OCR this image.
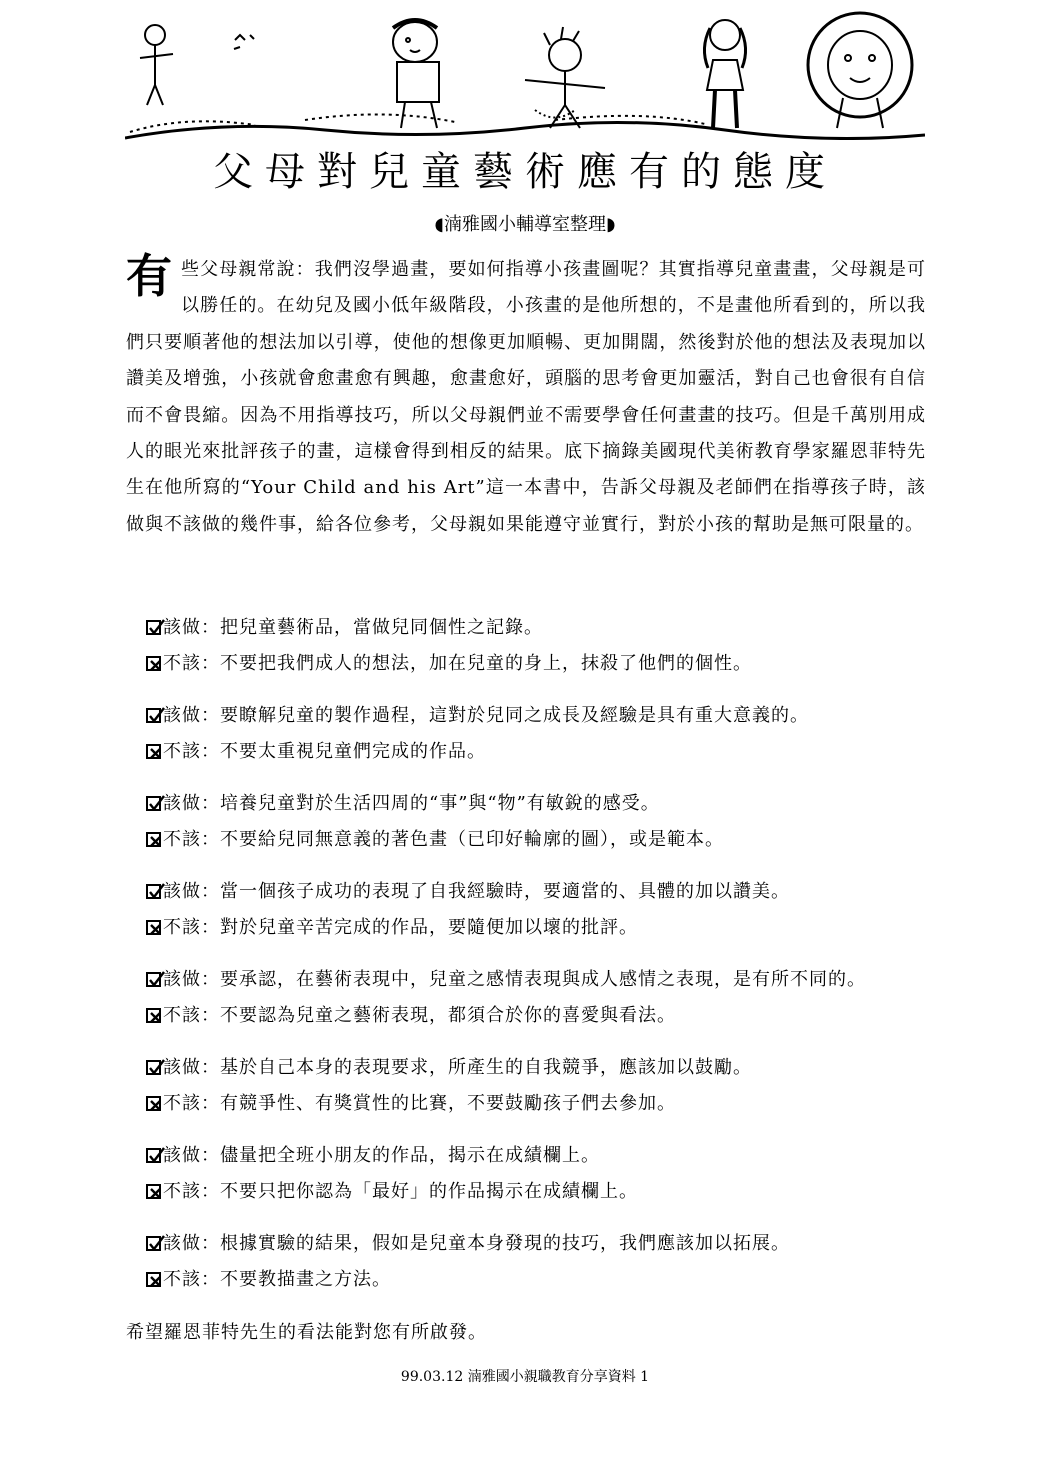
父母對兒童藝術應有的態度
◖湳雅國小輔導室整理◗
有 些父母親常說：我們沒學過畫，要如何指導小孩畫圖呢？其實指導兒童畫畫，父母親是可以勝任的。在幼兒及國小低年級階段，小孩畫的是他所想的，不是畫他所看到的，所以我們只要順著他的想法加以引導，使他的想像更加順暢、更加開闊，然後對於他的想法及表現加以讚美及增強，小孩就會愈畫愈有興趣，愈畫愈好，頭腦的思考會更加靈活，對自己也會很有自信而不會畏縮。因為不用指導技巧，所以父母親們並不需要學會任何畫畫的技巧。但是千萬別用成人的眼光來批評孩子的畫，這樣會得到相反的結果。底下摘錄美國現代美術教育學家羅恩菲特先生在他所寫的“Your Child and his Art”這一本書中，告訴父母親及老師們在指導孩子時，該做與不該做的幾件事，給各位參考，父母親如果能遵守並實行，對於小孩的幫助是無可限量的。

該做：把兒童藝術品，當做兒同個性之記錄。
不該：不要把我們成人的想法，加在兒童的身上，抹殺了他們的個性。
該做：要瞭解兒童的製作過程，這對於兒同之成長及經驗是具有重大意義的。
不該：不要太重視兒童們完成的作品。
該做：培養兒童對於生活四周的“事”與“物”有敏銳的感受。
不該：不要給兒同無意義的著色畫（已印好輪廓的圖），或是範本。
該做：當一個孩子成功的表現了自我經驗時，要適當的、具體的加以讚美。
不該：對於兒童辛苦完成的作品，要隨便加以壞的批評。
該做：要承認，在藝術表現中，兒童之感情表現與成人感情之表現，是有所不同的。
不該：不要認為兒童之藝術表現，都須合於你的喜愛與看法。
該做：基於自己本身的表現要求，所產生的自我競爭，應該加以鼓勵。
不該：有競爭性、有獎賞性的比賽，不要鼓勵孩子們去參加。
該做：儘量把全班小朋友的作品，揭示在成績欄上。
不該：不要只把你認為「最好」的作品揭示在成績欄上。
該做：根據實驗的結果，假如是兒童本身發現的技巧，我們應該加以拓展。
不該：不要教描畫之方法。
希望羅恩菲特先生的看法能對您有所啟發。
99.03.12 湳雅國小親職教育分享資料 1
